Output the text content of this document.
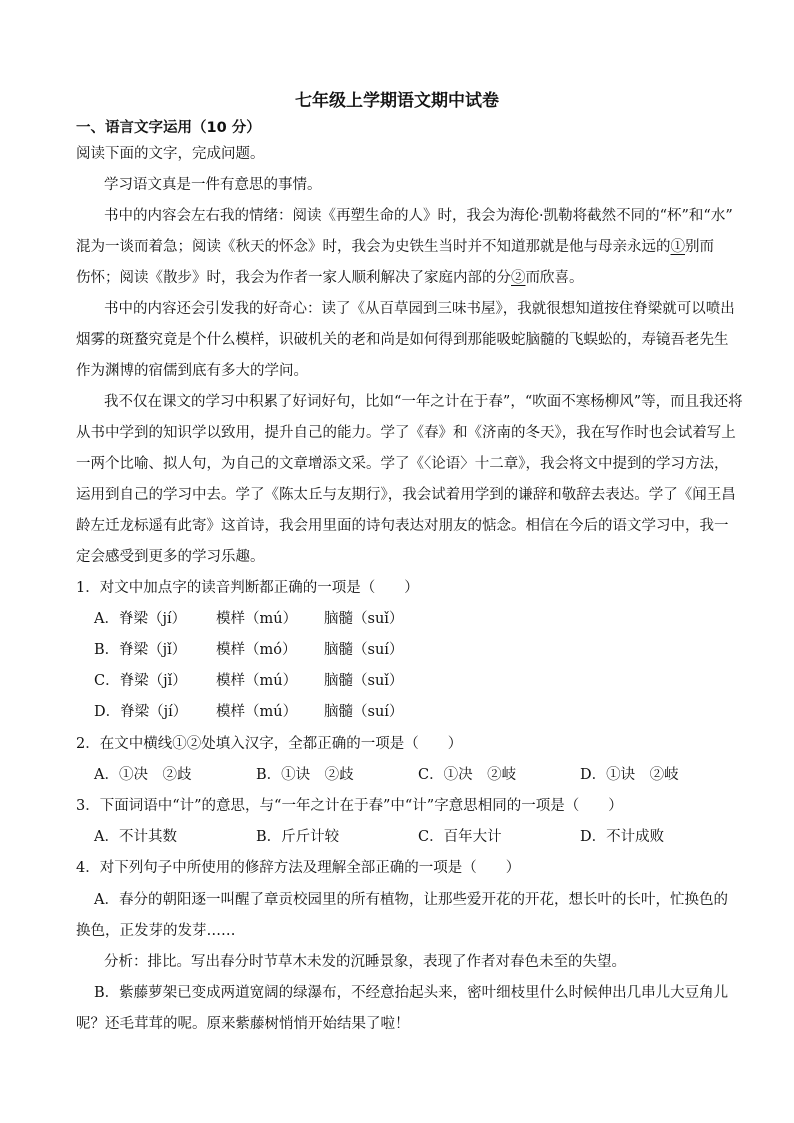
七年级上学期语文期中试卷
一、语言文字运用（10 分）
阅读下面的文字，完成问题。
学习语文真是一件有意思的事情。
书中的内容会左右我的情绪：阅读《再塑生命的人》时，我会为海伦·凯勒将截然不同的“杯”和“水”
混为一谈而着急；阅读《秋天的怀念》时，我会为史铁生当时并不知道那就是他与母亲永远的①别而
伤怀；阅读《散步》时，我会为作者一家人顺利解决了家庭内部的分②而欣喜。
书中的内容还会引发我的好奇心：读了《从百草园到三味书屋》，我就很想知道按住脊梁就可以喷出
烟雾的斑蝥究竟是个什么模样，识破机关的老和尚是如何得到那能吸蛇脑髓的飞蜈蚣的，寿镜吾老先生
作为渊博的宿儒到底有多大的学问。
我不仅在课文的学习中积累了好词好句，比如“一年之计在于春”，“吹面不寒杨柳风”等，而且我还将
从书中学到的知识学以致用，提升自己的能力。学了《春》和《济南的冬天》，我在写作时也会试着写上
一两个比喻、拟人句，为自己的文章增添文采。学了《〈论语〉十二章》，我会将文中提到的学习方法，
运用到自己的学习中去。学了《陈太丘与友期行》，我会试着用学到的谦辞和敬辞去表达。学了《闻王昌
龄左迁龙标遥有此寄》这首诗，我会用里面的诗句表达对朋友的惦念。相信在今后的语文学习中，我一
定会感受到更多的学习乐趣。
1．对文中加点字的读音判断都正确的一项是（　　）
A．脊梁（jí） 模样（mú） 脑髓（suǐ）
B．脊梁（jǐ） 模样（mó） 脑髓（suí）
C．脊梁（jǐ） 模样（mú） 脑髓（suǐ）
D．脊梁（jí） 模样（mú） 脑髓（suí）
2．在文中横线①②处填入汉字，全都正确的一项是（　　）
A．①决　②歧	B．①诀　②歧	C．①决　②岐	D．①诀　②岐
3．下面词语中“计”的意思，与“一年之计在于春”中“计”字意思相同的一项是（　　）
A．不计其数	B．斤斤计较	C．百年大计	D．不计成败
4．对下列句子中所使用的修辞方法及理解全部正确的一项是（　　）
A．春分的朝阳逐一叫醒了章贡校园里的所有植物，让那些爱开花的开花，想长叶的长叶，忙换色的
换色，正发芽的发芽……
分析：排比。写出春分时节草木未发的沉睡景象，表现了作者对春色未至的失望。
B．紫藤萝架已变成两道宽阔的绿瀑布，不经意抬起头来，密叶细枝里什么时候伸出几串儿大豆角儿
呢？还毛茸茸的呢。原来紫藤树悄悄开始结果了啦！
